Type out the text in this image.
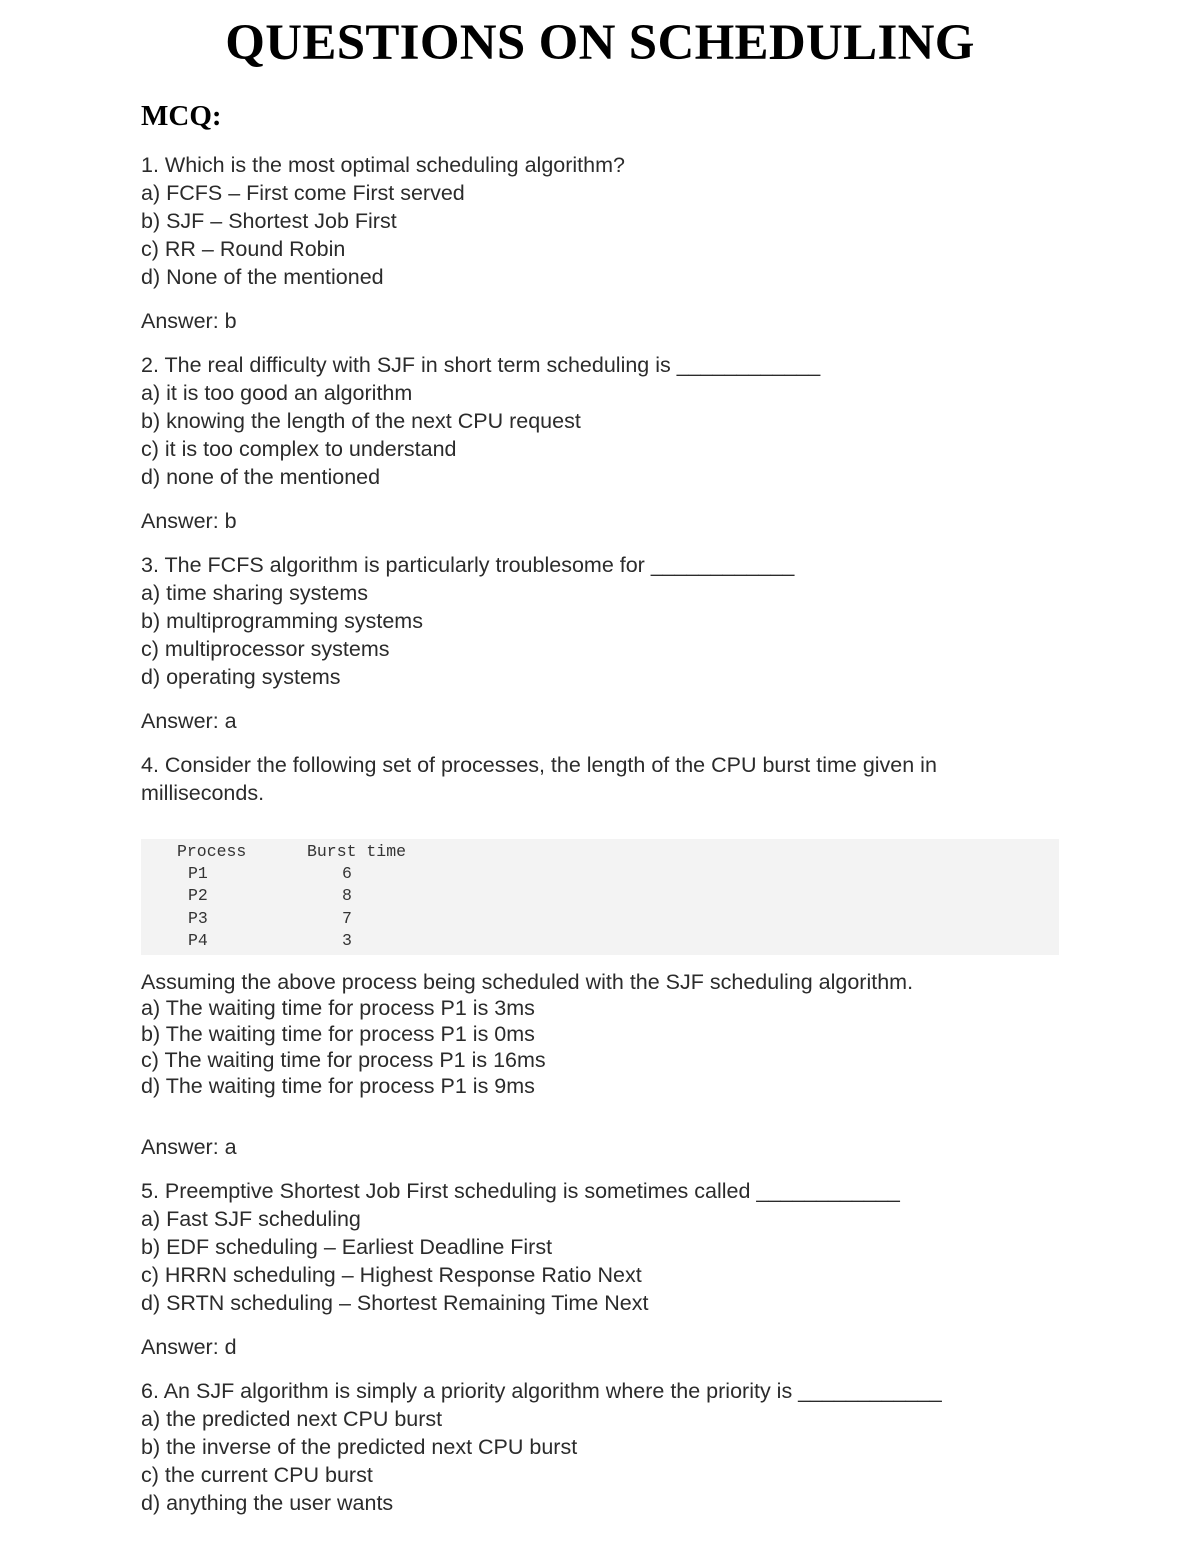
QUESTIONS ON SCHEDULING
MCQ:
1. Which is the most optimal scheduling algorithm?
a) FCFS – First come First served
b) SJF – Shortest Job First
c) RR – Round Robin
d) None of the mentioned
Answer: b
2. The real difficulty with SJF in short term scheduling is ____________
a) it is too good an algorithm
b) knowing the length of the next CPU request
c) it is too complex to understand
d) none of the mentioned
Answer: b
3. The FCFS algorithm is particularly troublesome for ____________
a) time sharing systems
b) multiprogramming systems
c) multiprocessor systems
d) operating systems
Answer: a
4. Consider the following set of processes, the length of the CPU burst time given in milliseconds.
Process	Burst time
P1	6
P2	8
P3	7
P4	3
Assuming the above process being scheduled with the SJF scheduling algorithm.
a) The waiting time for process P1 is 3ms
b) The waiting time for process P1 is 0ms
c) The waiting time for process P1 is 16ms
d) The waiting time for process P1 is 9ms
Answer: a
5. Preemptive Shortest Job First scheduling is sometimes called ____________
a) Fast SJF scheduling
b) EDF scheduling – Earliest Deadline First
c) HRRN scheduling – Highest Response Ratio Next
d) SRTN scheduling – Shortest Remaining Time Next
Answer: d
6. An SJF algorithm is simply a priority algorithm where the priority is ____________
a) the predicted next CPU burst
b) the inverse of the predicted next CPU burst
c) the current CPU burst
d) anything the user wants
